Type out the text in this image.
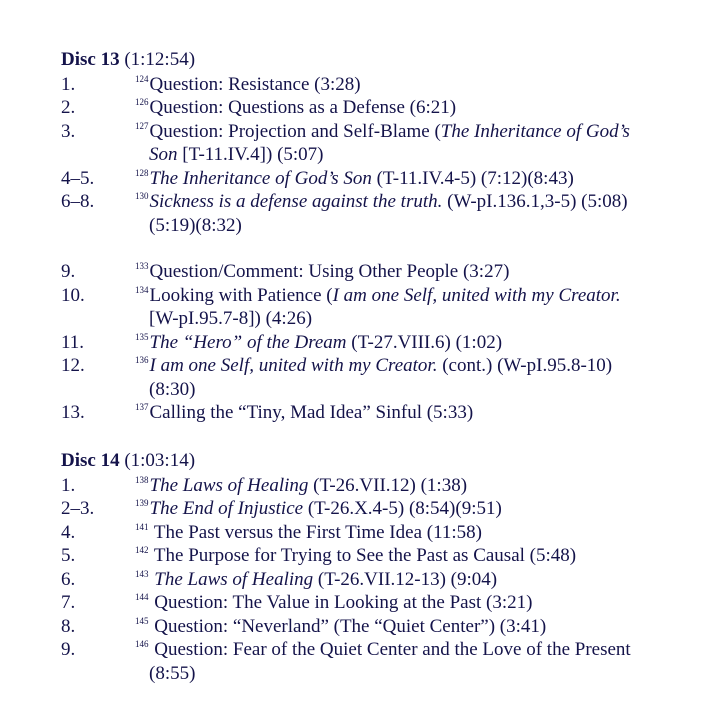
Disc 13 (1:12:54)
1.	$^{124}$Question: Resistance (3:28)
2.	$^{126}$Question: Questions as a Defense (6:21)
3.	$^{127}$Question: Projection and Self-Blame (The Inheritance of God’s
Son [T-11.IV.4]) (5:07)
4–5.	$^{128}$The Inheritance of God’s Son (T-11.IV.4-5) (7:12)(8:43)
6–8.	$^{130}$Sickness is a defense against the truth. (W-pI.136.1,3-5) (5:08)
(5:19)(8:32)
9.	$^{133}$Question/Comment: Using Other People (3:27)
10.	$^{134}$Looking with Patience (I am one Self, united with my Creator.
[W-pI.95.7-8]) (4:26)
11.	$^{135}$The “Hero” of the Dream (T-27.VIII.6) (1:02)
12.	$^{136}$I am one Self, united with my Creator. (cont.) (W-pI.95.8-10)
(8:30)
13.	$^{137}$Calling the “Tiny, Mad Idea” Sinful (5:33)
Disc 14 (1:03:14)
1.	$^{138}$The Laws of Healing (T-26.VII.12) (1:38)
2–3.	$^{139}$The End of Injustice (T-26.X.4-5) (8:54)(9:51)
4.	$^{141}$ The Past versus the First Time Idea (11:58)
5.	$^{142}$ The Purpose for Trying to See the Past as Causal (5:48)
6.	$^{143}$ The Laws of Healing (T-26.VII.12-13) (9:04)
7.	$^{144}$ Question: The Value in Looking at the Past (3:21)
8.	$^{145}$ Question: “Neverland” (The “Quiet Center”) (3:41)
9.	$^{146}$ Question: Fear of the Quiet Center and the Love of the Present
(8:55)
